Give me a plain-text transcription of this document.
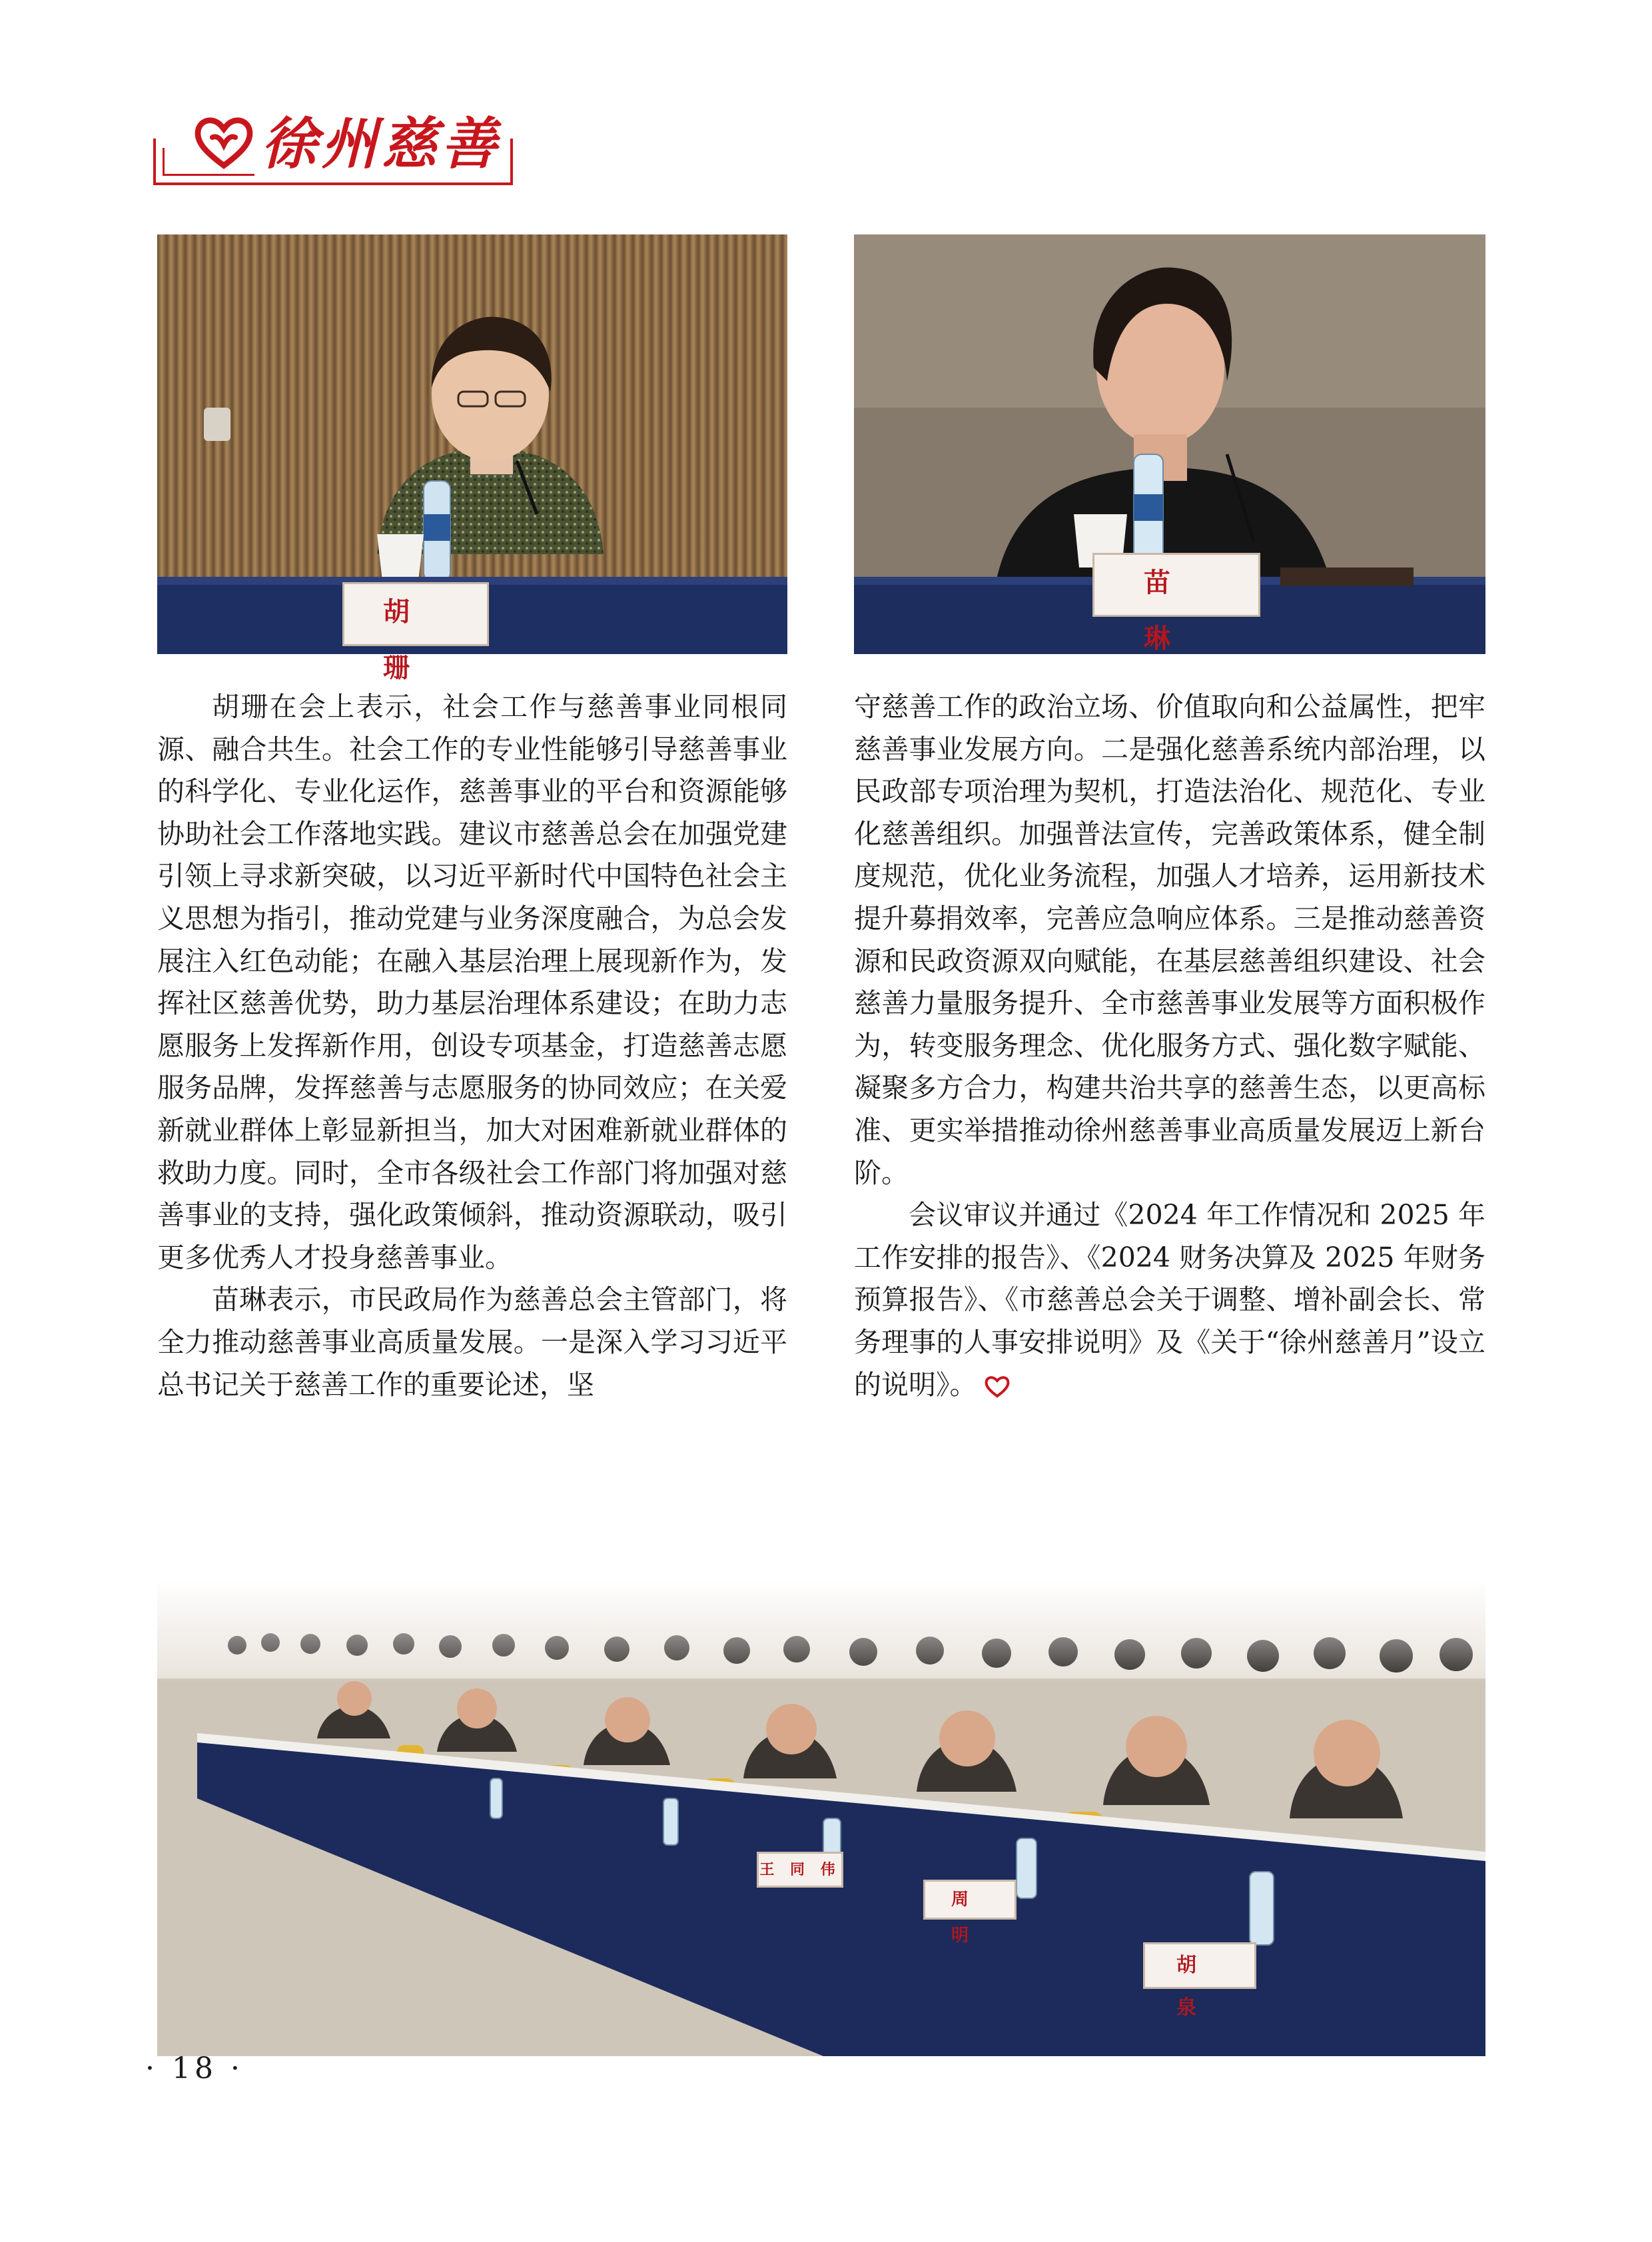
徐州慈善
胡 珊
苗 琳

胡珊在会上表示，社会工作与慈善事业同根同源、融合共生。社会工作的专业性能够引导慈善事业的科学化、专业化运作，慈善事业的平台和资源能够协助社会工作落地实践。建议市慈善总会在加强党建引领上寻求新突破，以习近平新时代中国特色社会主义思想为指引，推动党建与业务深度融合，为总会发展注入红色动能；在融入基层治理上展现新作为，发挥社区慈善优势，助力基层治理体系建设；在助力志愿服务上发挥新作用，创设专项基金，打造慈善志愿服务品牌，发挥慈善与志愿服务的协同效应；在关爱新就业群体上彰显新担当，加大对困难新就业群体的救助力度。同时，全市各级社会工作部门将加强对慈善事业的支持，强化政策倾斜，推动资源联动，吸引更多优秀人才投身慈善事业。

苗琳表示，市民政局作为慈善总会主管部门，将全力推动慈善事业高质量发展。一是深入学习习近平总书记关于慈善工作的重要论述，坚

守慈善工作的政治立场、价值取向和公益属性，把牢慈善事业发展方向。二是强化慈善系统内部治理，以民政部专项治理为契机，打造法治化、规范化、专业化慈善组织。加强普法宣传，完善政策体系，健全制度规范，优化业务流程，加强人才培养，运用新技术提升募捐效率，完善应急响应体系。三是推动慈善资源和民政资源双向赋能，在基层慈善组织建设、社会慈善力量服务提升、全市慈善事业发展等方面积极作为，转变服务理念、优化服务方式、强化数字赋能、凝聚多方合力，构建共治共享的慈善生态，以更高标准、更实举措推动徐州慈善事业高质量发展迈上新台阶。

会议审议并通过《2024 年工作情况和 2025 年工作安排的报告》、《2024 财务决算及 2025 年财务预算报告》、《市慈善总会关于调整、增补副会长、常务理事的人事安排说明》及《关于“徐州慈善月”设立的说明》。

胡 泉
周 明
王 同 伟
· 18 ·
